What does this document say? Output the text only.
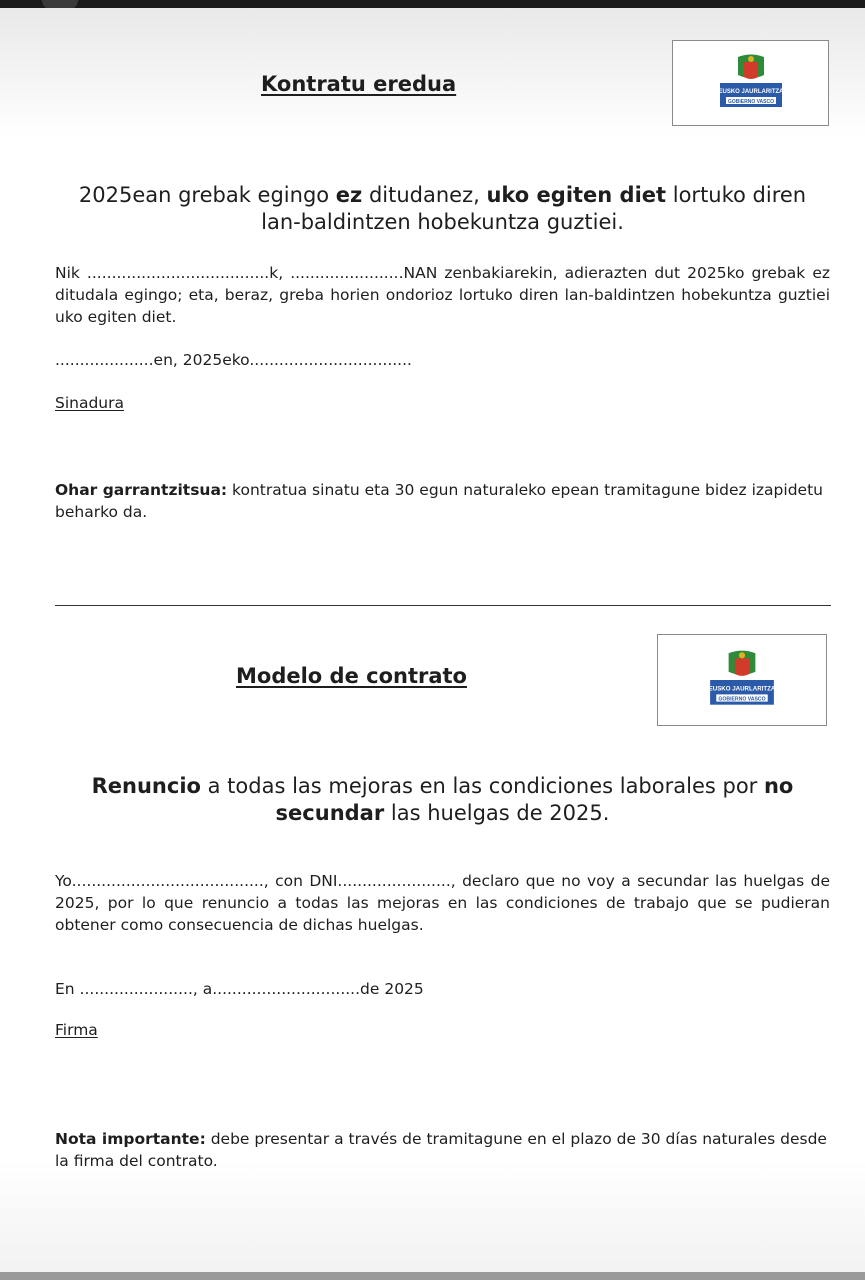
Kontratu eredua	EUSKO JAURLARITZA
GOBIERNO VASCO
2025ean grebak egingo ez ditudanez, uko egiten diet lortuko diren lan-baldintzen hobekuntza guztiei.
Nik .....................................k, .......................NAN zenbakiarekin, adierazten dut 2025ko grebak ez ditudala egingo; eta, beraz, greba horien ondorioz lortuko diren lan-baldintzen hobekuntza guztiei uko egiten diet.
....................en, 2025eko.................................
Sinadura
Ohar garrantzitsua: kontratua sinatu eta 30 egun naturaleko epean tramitagune bidez izapidetu beharko da.
Modelo de contrato
EUSKO JAURLARITZA
GOBIERNO VASCO
Renuncio a todas las mejoras en las condiciones laborales por no secundar las huelgas de 2025.
Yo......................................., con DNI......................., declaro que no voy a secundar las huelgas de 2025, por lo que renuncio a todas las mejoras en las condiciones de trabajo que se pudieran obtener como consecuencia de dichas huelgas.
En ......................., a..............................de 2025
Firma
Nota importante: debe presentar a través de tramitagune en el plazo de 30 días naturales desde la firma del contrato.
